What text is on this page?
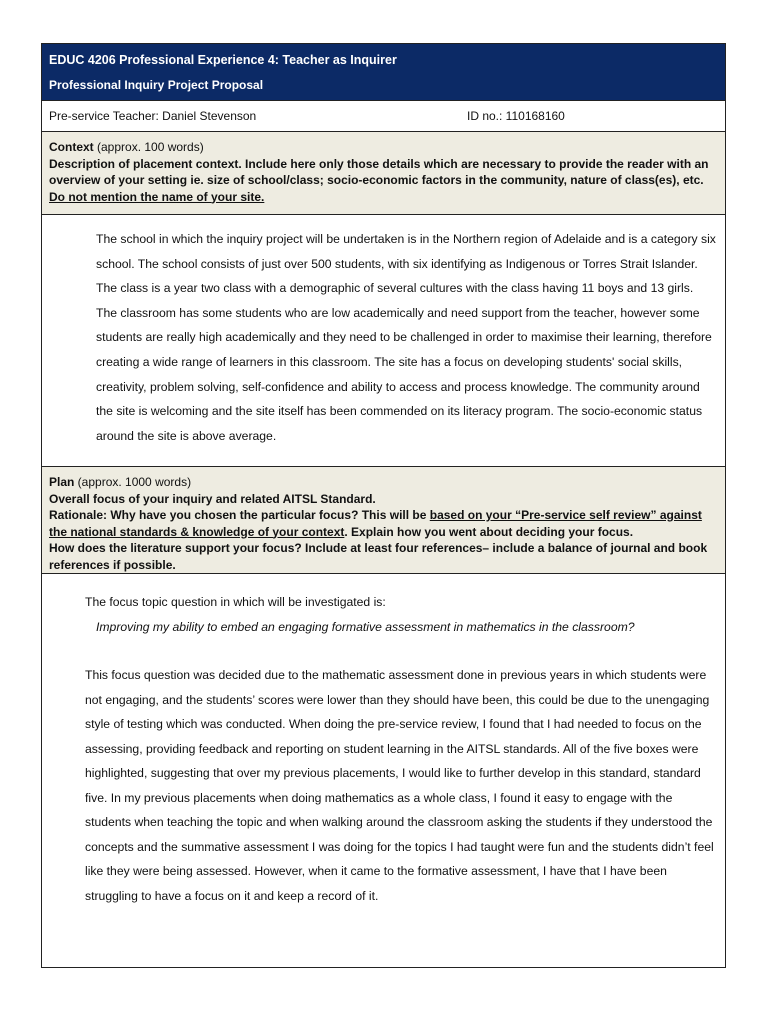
EDUC 4206 Professional Experience 4: Teacher as Inquirer
Professional Inquiry Project Proposal
Pre-service Teacher: Daniel Stevenson	ID no.: 110168160

Context (approx. 100 words)

Description of placement context. Include here only those details which are necessary to provide the reader with an overview of your setting ie. size of school/class; socio-economic factors in the community, nature of class(es), etc.

Do not mention the name of your site.

The school in which the inquiry project will be undertaken is in the Northern region of Adelaide and is a category six school. The school consists of just over 500 students, with six identifying as Indigenous or Torres Strait Islander. The class is a year two class with a demographic of several cultures with the class having 11 boys and 13 girls. The classroom has some students who are low academically and need support from the teacher, however some students are really high academically and they need to be challenged in order to maximise their learning, therefore creating a wide range of learners in this classroom. The site has a focus on developing students' social skills, creativity, problem solving, self-confidence and ability to access and process knowledge. The community around the site is welcoming and the site itself has been commended on its literacy program. The socio-economic status around the site is above average.

Plan (approx. 1000 words)

Overall focus of your inquiry and related AITSL Standard.

Rationale: Why have you chosen the particular focus? This will be based on your “Pre-service self review” against the national standards & knowledge of your context. Explain how you went about deciding your focus.

How does the literature support your focus? Include at least four references– include a balance of journal and book references if possible.

The focus topic question in which will be investigated is:

Improving my ability to embed an engaging formative assessment in mathematics in the classroom?

This focus question was decided due to the mathematic assessment done in previous years in which students were not engaging, and the students’ scores were lower than they should have been, this could be due to the unengaging style of testing which was conducted. When doing the pre-service review, I found that I had needed to focus on the assessing, providing feedback and reporting on student learning in the AITSL standards. All of the five boxes were highlighted, suggesting that over my previous placements, I would like to further develop in this standard, standard five. In my previous placements when doing mathematics as a whole class, I found it easy to engage with the students when teaching the topic and when walking around the classroom asking the students if they understood the concepts and the summative assessment I was doing for the topics I had taught were fun and the students didn’t feel like they were being assessed. However, when it came to the formative assessment, I have that I have been struggling to have a focus on it and keep a record of it.
